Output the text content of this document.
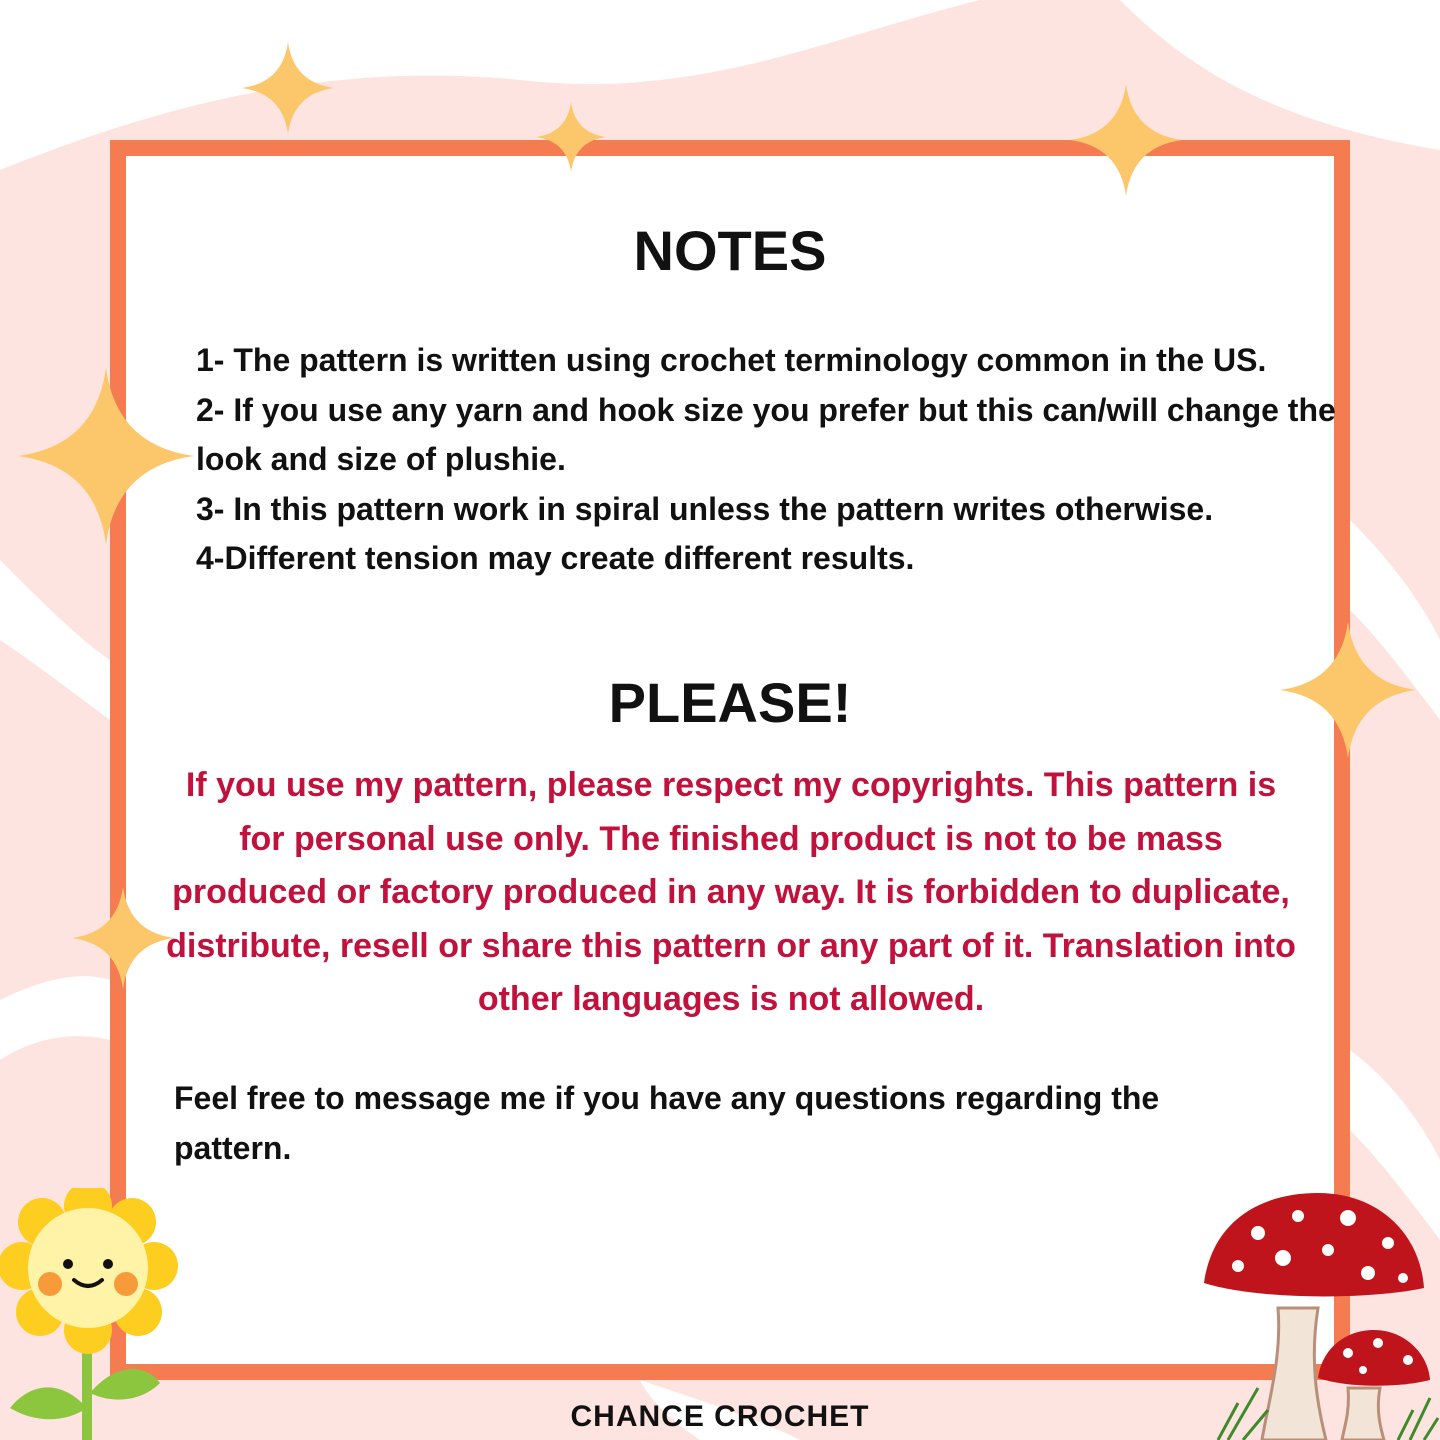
NOTES
1- The pattern is written using crochet terminology common in the US.
2- If you use any yarn and hook size you prefer but this can/will change the look and size of plushie.
3- In this pattern work in spiral unless the pattern writes otherwise.
4-Different tension may create different results.
PLEASE!

If you use my pattern, please respect my copyrights. This pattern is for personal use only. The finished product is not to be mass produced or factory produced in any way. It is forbidden to duplicate, distribute, resell or share this pattern or any part of it. Translation into other languages is not allowed.

Feel free to message me if you have any questions regarding the pattern.

CHANCE CROCHET
